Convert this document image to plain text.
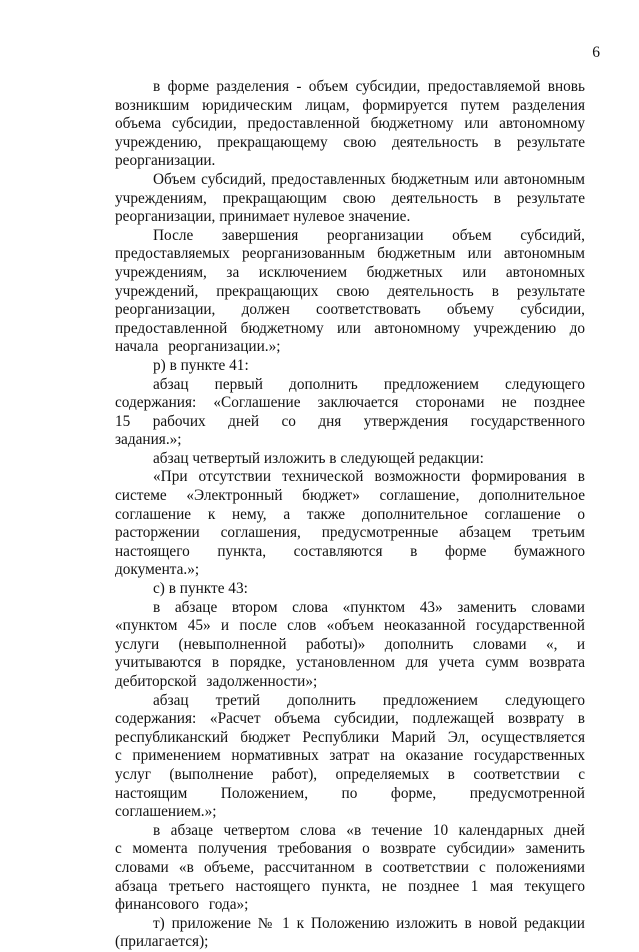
6

в форме разделения - объем субсидии, предоставляемой вновь возникшим юридическим лицам, формируется путем разделения объема субсидии, предоставленной бюджетному или автономному учреждению, прекращающему свою деятельность в результате реорганизации.

Объем субсидий, предоставленных бюджетным или автономным учреждениям, прекращающим свою деятельность в результате реорганизации, принимает нулевое значение.

После завершения реорганизации объем субсидий, предоставляемых реорганизованным бюджетным или автономным учреждениям, за исключением бюджетных или автономных учреждений, прекращающих свою деятельность в результате реорганизации, должен соответствовать объему субсидии, предоставленной бюджетному или автономному учреждению до начала реорганизации.»;

р) в пункте 41:

абзац первый дополнить предложением следующего содержания: «Соглашение заключается сторонами не позднее 15 рабочих дней со дня утверждения государственного задания.»;

абзац четвертый изложить в следующей редакции:

«При отсутствии технической возможности формирования в системе «Электронный бюджет» соглашение, дополнительное соглашение к нему, а также дополнительное соглашение о расторжении соглашения, предусмотренные абзацем третьим настоящего пункта, составляются в форме бумажного документа.»;

с) в пункте 43:

в абзаце втором слова «пунктом 43» заменить словами «пунктом 45» и после слов «объем неоказанной государственной услуги (невыполненной работы)» дополнить словами «, и учитываются в порядке, установленном для учета сумм возврата дебиторской задолженности»;

абзац третий дополнить предложением следующего содержания: «Расчет объема субсидии, подлежащей возврату в республиканский бюджет Республики Марий Эл, осуществляется с применением нормативных затрат на оказание государственных услуг (выполнение работ), определяемых в соответствии с настоящим Положением, по форме, предусмотренной соглашением.»;

в абзаце четвертом слова «в течение 10 календарных дней с момента получения требования о возврате субсидии» заменить словами «в объеме, рассчитанном в соответствии с положениями абзаца третьего настоящего пункта, не позднее 1 мая текущего финансового года»;

т) приложение № 1 к Положению изложить в новой редакции (прилагается);
